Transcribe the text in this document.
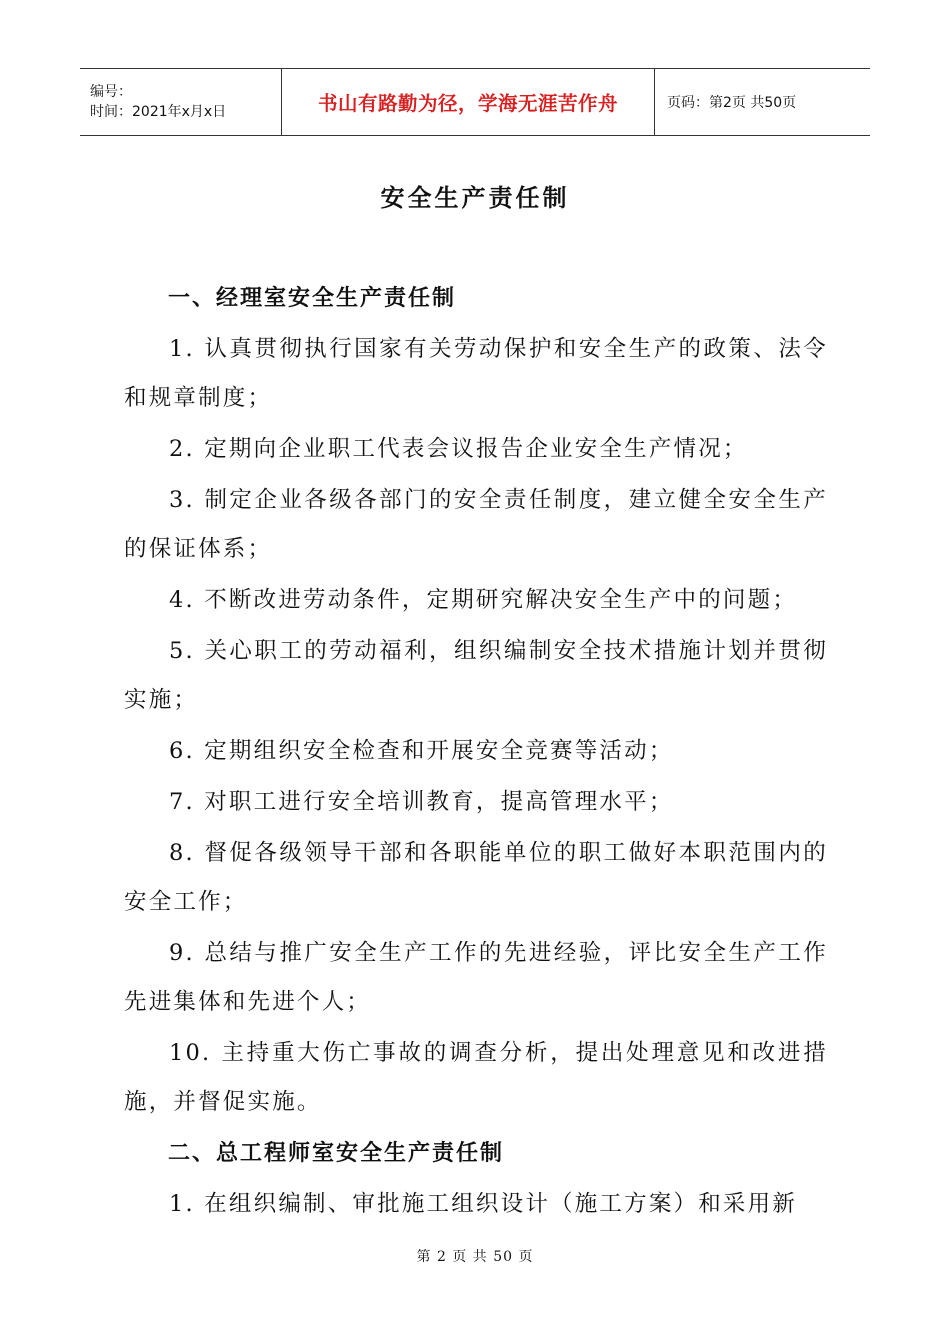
编号：
时间：2021年x月x日	书山有路勤为径，学海无涯苦作舟	页码：第2页 共50页
安全生产责任制

一、经理室安全生产责任制

1. 认真贯彻执行国家有关劳动保护和安全生产的政策、法令和规章制度；

2. 定期向企业职工代表会议报告企业安全生产情况；

3. 制定企业各级各部门的安全责任制度，建立健全安全生产的保证体系；

4. 不断改进劳动条件，定期研究解决安全生产中的问题；

5. 关心职工的劳动福利，组织编制安全技术措施计划并贯彻实施；

6. 定期组织安全检查和开展安全竞赛等活动；

7. 对职工进行安全培训教育，提高管理水平；

8. 督促各级领导干部和各职能单位的职工做好本职范围内的安全工作；

9. 总结与推广安全生产工作的先进经验，评比安全生产工作先进集体和先进个人；

10. 主持重大伤亡事故的调查分析，提出处理意见和改进措施，并督促实施。

二、总工程师室安全生产责任制

1. 在组织编制、审批施工组织设计（施工方案）和采用新

第 2 页 共 50 页
